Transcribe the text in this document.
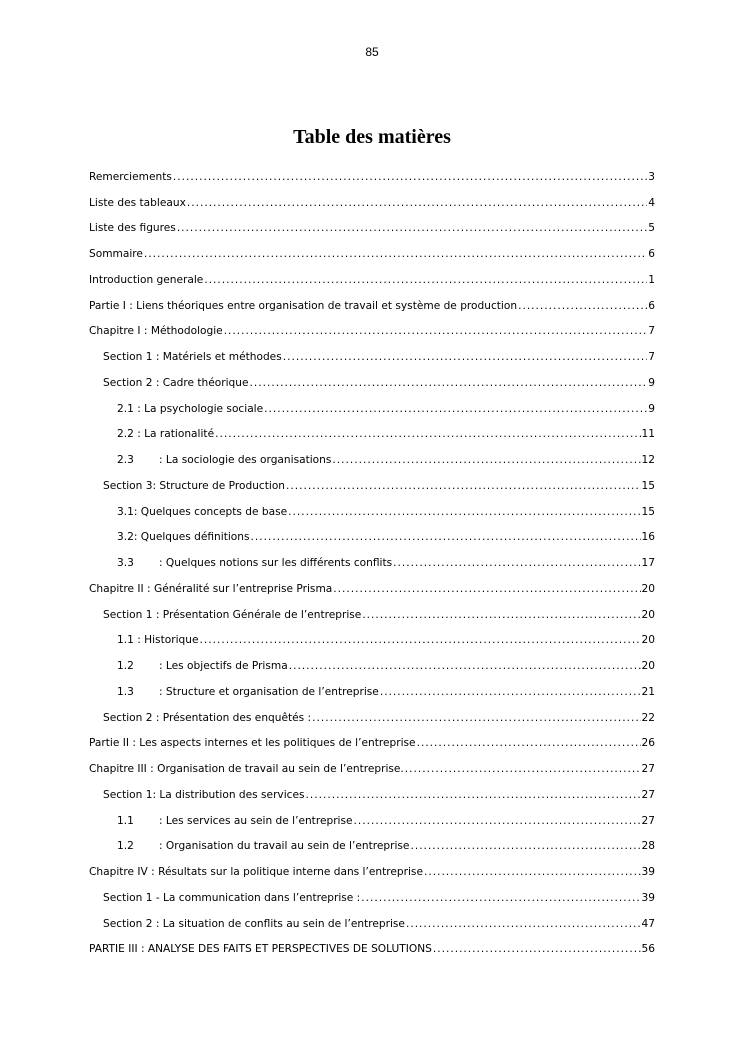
85
Table des matières
Remerciements .....	3
Liste des tableaux .....	4
Liste des figures .....	5
Sommaire .....	6
Introduction generale .....	1
Partie I : Liens théoriques entre organisation de travail et système de production .....	6
Chapitre I : Méthodologie .....	7
Section 1 : Matériels et méthodes .....	7
Section 2 : Cadre théorique .....	9
2.1 : La psychologie sociale .....	9
2.2 : La rationalité .....	11
2.3	: La sociologie des organisations .....	12
Section 3: Structure de Production .....	15
3.1: Quelques concepts de base .....	15
3.2: Quelques définitions .....	16
3.3	: Quelques notions sur les différents conflits .....	17
Chapitre II : Généralité sur l’entreprise Prisma .....	20
Section 1 : Présentation Générale de l’entreprise .....	20
1.1 : Historique .....	20
1.2	: Les objectifs de Prisma .....	20
1.3	: Structure et organisation de l’entreprise .....	21
Section 2 : Présentation des enquêtés : .....	22
Partie II : Les aspects internes et les politiques de l’entreprise .....	26
Chapitre III : Organisation de travail au sein de l’entreprise. .....	27
Section 1: La distribution des services .....	27
1.1	: Les services au sein de l’entreprise .....	27
1.2	: Organisation du travail au sein de l’entreprise .....	28
Chapitre IV : Résultats sur la politique interne dans l’entreprise .....	39
Section 1 - La communication dans l’entreprise : .....	39
Section 2 : La situation de conflits au sein de l’entreprise .....	47
PARTIE III : ANALYSE DES FAITS ET PERSPECTIVES DE SOLUTIONS .....	56
